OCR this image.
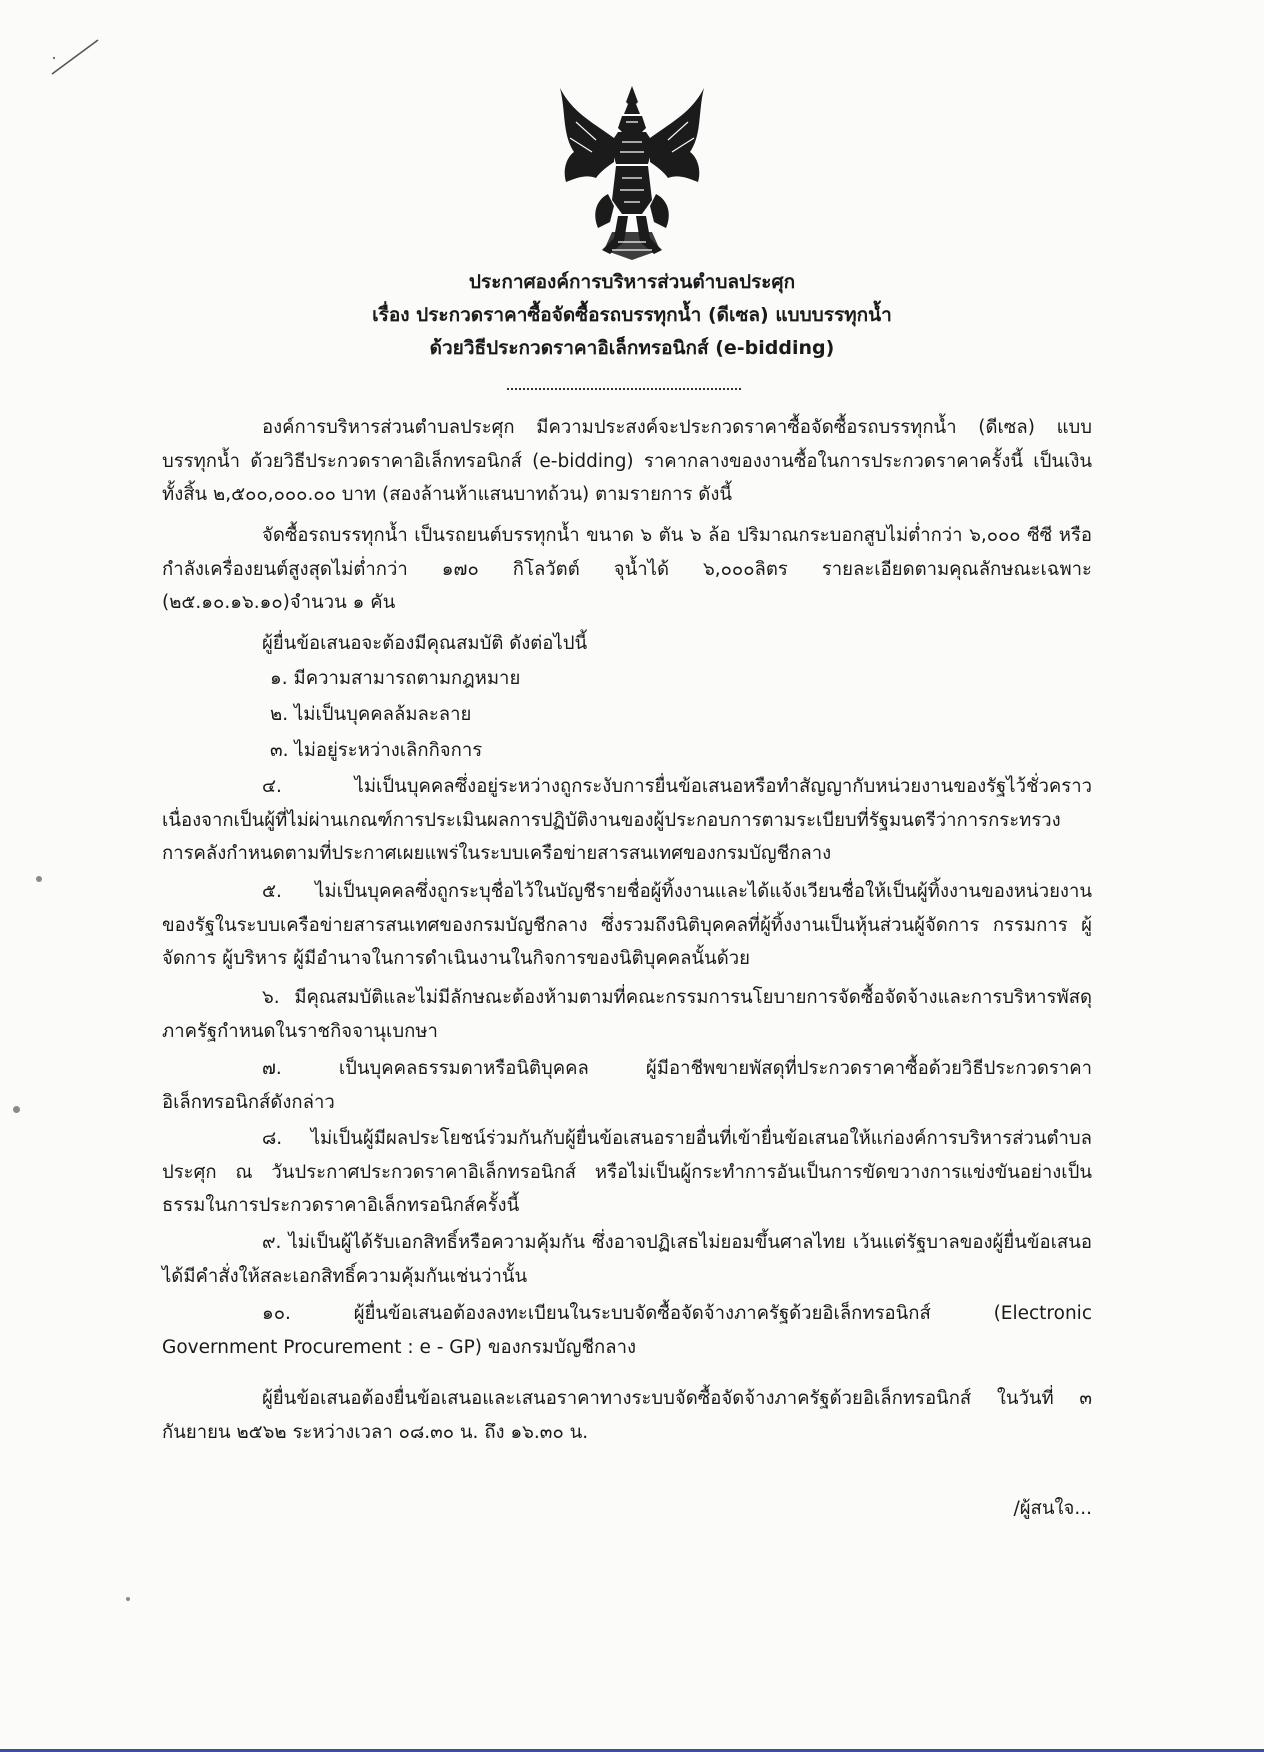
ประกาศองค์การบริหารส่วนตำบลประศุก
เรื่อง ประกวดราคาซื้อจัดซื้อรถบรรทุกน้ำ (ดีเซล) แบบบรรทุกน้ำ
ด้วยวิธีประกวดราคาอิเล็กทรอนิกส์ (e-bidding)

องค์การบริหารส่วนตำบลประศุก มีความประสงค์จะประกวดราคาซื้อจัดซื้อรถบรรทุกน้ำ (ดีเซล) แบบบรรทุกน้ำ ด้วยวิธีประกวดราคาอิเล็กทรอนิกส์ (e-bidding) ราคากลางของงานซื้อในการประกวดราคาครั้งนี้ เป็นเงินทั้งสิ้น ๒,๕๐๐,๐๐๐.๐๐ บาท (สองล้านห้าแสนบาทถ้วน) ตามรายการ ดังนี้

จัดซื้อรถบรรทุกน้ำ เป็นรถยนต์บรรทุกน้ำ ขนาด ๖ ตัน ๖ ล้อ ปริมาณกระบอกสูบไม่ต่ำกว่า ๖,๐๐๐ ซีซี หรือกำลังเครื่องยนต์สูงสุดไม่ต่ำกว่า ๑๗๐ กิโลวัตต์ จุน้ำได้ ๖,๐๐๐ลิตร รายละเอียดตามคุณลักษณะเฉพาะ (๒๕.๑๐.๑๖.๑๐)จำนวน ๑ คัน

ผู้ยื่นข้อเสนอจะต้องมีคุณสมบัติ ดังต่อไปนี้

๑. มีความสามารถตามกฎหมาย

๒. ไม่เป็นบุคคลล้มละลาย

๓. ไม่อยู่ระหว่างเลิกกิจการ

๔. ไม่เป็นบุคคลซึ่งอยู่ระหว่างถูกระงับการยื่นข้อเสนอหรือทำสัญญากับหน่วยงานของรัฐไว้ชั่วคราว เนื่องจากเป็นผู้ที่ไม่ผ่านเกณฑ์การประเมินผลการปฏิบัติงานของผู้ประกอบการตามระเบียบที่รัฐมนตรีว่าการกระทรวงการคลังกำหนดตามที่ประกาศเผยแพร่ในระบบเครือข่ายสารสนเทศของกรมบัญชีกลาง

๕. ไม่เป็นบุคคลซึ่งถูกระบุชื่อไว้ในบัญชีรายชื่อผู้ทิ้งงานและได้แจ้งเวียนชื่อให้เป็นผู้ทิ้งงานของหน่วยงานของรัฐในระบบเครือข่ายสารสนเทศของกรมบัญชีกลาง ซึ่งรวมถึงนิติบุคคลที่ผู้ทิ้งงานเป็นหุ้นส่วนผู้จัดการ กรรมการ ผู้จัดการ ผู้บริหาร ผู้มีอำนาจในการดำเนินงานในกิจการของนิติบุคคลนั้นด้วย

๖. มีคุณสมบัติและไม่มีลักษณะต้องห้ามตามที่คณะกรรมการนโยบายการจัดซื้อจัดจ้างและการบริหารพัสดุภาครัฐกำหนดในราชกิจจานุเบกษา

๗. เป็นบุคคลธรรมดาหรือนิติบุคคล ผู้มีอาชีพขายพัสดุที่ประกวดราคาซื้อด้วยวิธีประกวดราคาอิเล็กทรอนิกส์ดังกล่าว

๘. ไม่เป็นผู้มีผลประโยชน์ร่วมกันกับผู้ยื่นข้อเสนอรายอื่นที่เข้ายื่นข้อเสนอให้แก่องค์การบริหารส่วนตำบลประศุก ณ วันประกาศประกวดราคาอิเล็กทรอนิกส์ หรือไม่เป็นผู้กระทำการอันเป็นการขัดขวางการแข่งขันอย่างเป็นธรรมในการประกวดราคาอิเล็กทรอนิกส์ครั้งนี้

๙. ไม่เป็นผู้ได้รับเอกสิทธิ์หรือความคุ้มกัน ซึ่งอาจปฏิเสธไม่ยอมขึ้นศาลไทย เว้นแต่รัฐบาลของผู้ยื่นข้อเสนอได้มีคำสั่งให้สละเอกสิทธิ์ความคุ้มกันเช่นว่านั้น

๑๐. ผู้ยื่นข้อเสนอต้องลงทะเบียนในระบบจัดซื้อจัดจ้างภาครัฐด้วยอิเล็กทรอนิกส์ (Electronic Government Procurement : e - GP) ของกรมบัญชีกลาง

ผู้ยื่นข้อเสนอต้องยื่นข้อเสนอและเสนอราคาทางระบบจัดซื้อจัดจ้างภาครัฐด้วยอิเล็กทรอนิกส์ ในวันที่ ๓ กันยายน ๒๕๖๒ ระหว่างเวลา ๐๘.๓๐ น. ถึง ๑๖.๓๐ น.

/ผู้สนใจ...
